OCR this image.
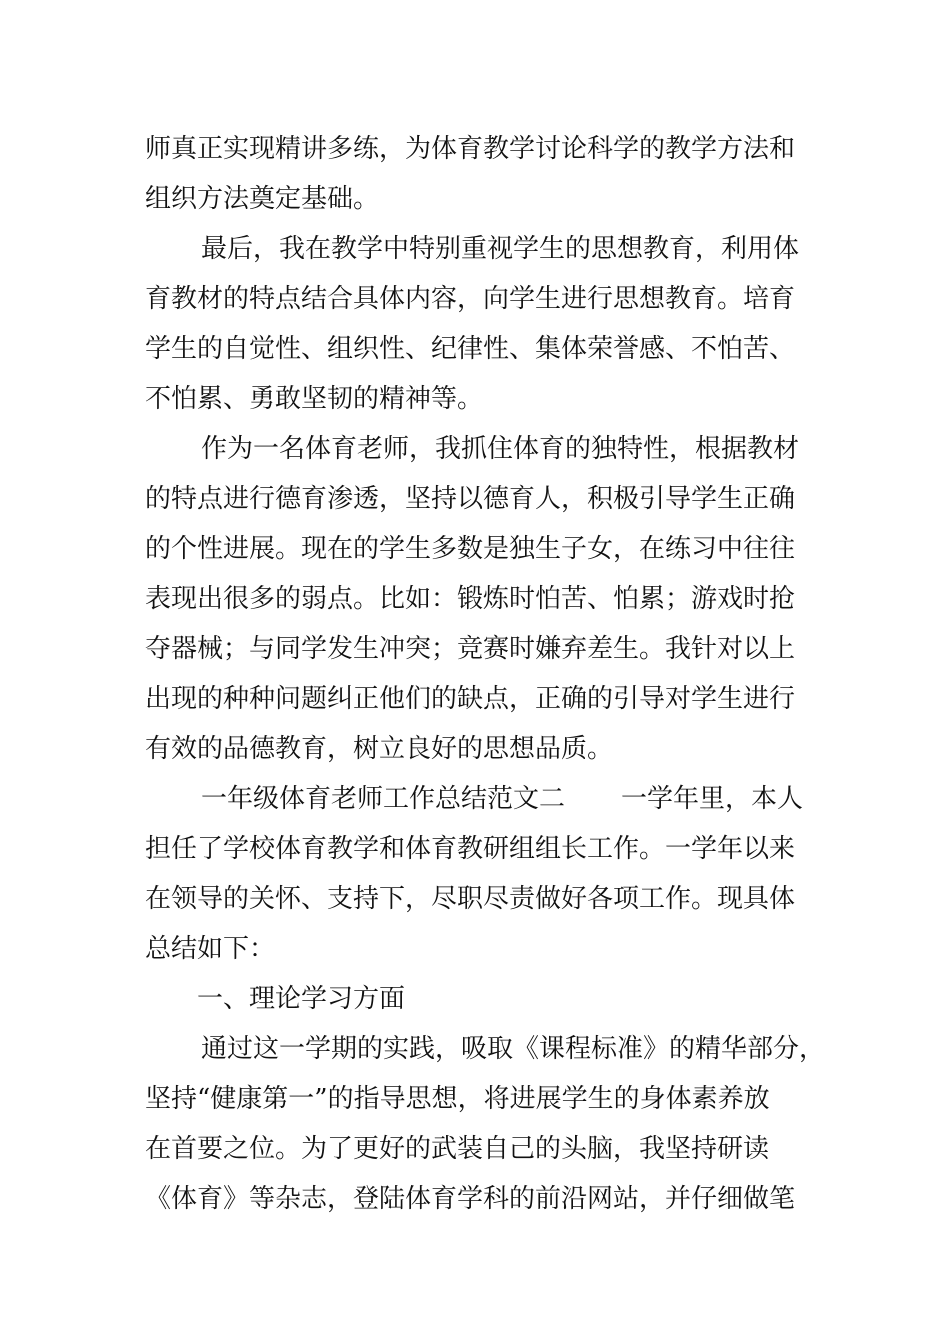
师真正实现精讲多练，为体育教学讨论科学的教学方法和
组织方法奠定基础。
最后，我在教学中特别重视学生的思想教育，利用体
育教材的特点结合具体内容，向学生进行思想教育。培育
学生的自觉性、组织性、纪律性、集体荣誉感、不怕苦、
不怕累、勇敢坚韧的精神等。
作为一名体育老师，我抓住体育的独特性，根据教材
的特点进行德育渗透，坚持以德育人，积极引导学生正确
的个性进展。现在的学生多数是独生子女，在练习中往往
表现出很多的弱点。比如：锻炼时怕苦、怕累；游戏时抢
夺器械；与同学发生冲突；竞赛时嫌弃差生。我针对以上
出现的种种问题纠正他们的缺点，正确的引导对学生进行
有效的品德教育，树立良好的思想品质。
一年级体育老师工作总结范文二 一学年里，本人
担任了学校体育教学和体育教研组组长工作。一学年以来
在领导的关怀、支持下，尽职尽责做好各项工作。现具体
总结如下：
一、理论学习方面
通过这一学期的实践，吸取《课程标准》的精华部分，
坚持“健康第一”的指导思想，将进展学生的身体素养放
在首要之位。为了更好的武装自己的头脑，我坚持研读
《体育》等杂志，登陆体育学科的前沿网站，并仔细做笔
